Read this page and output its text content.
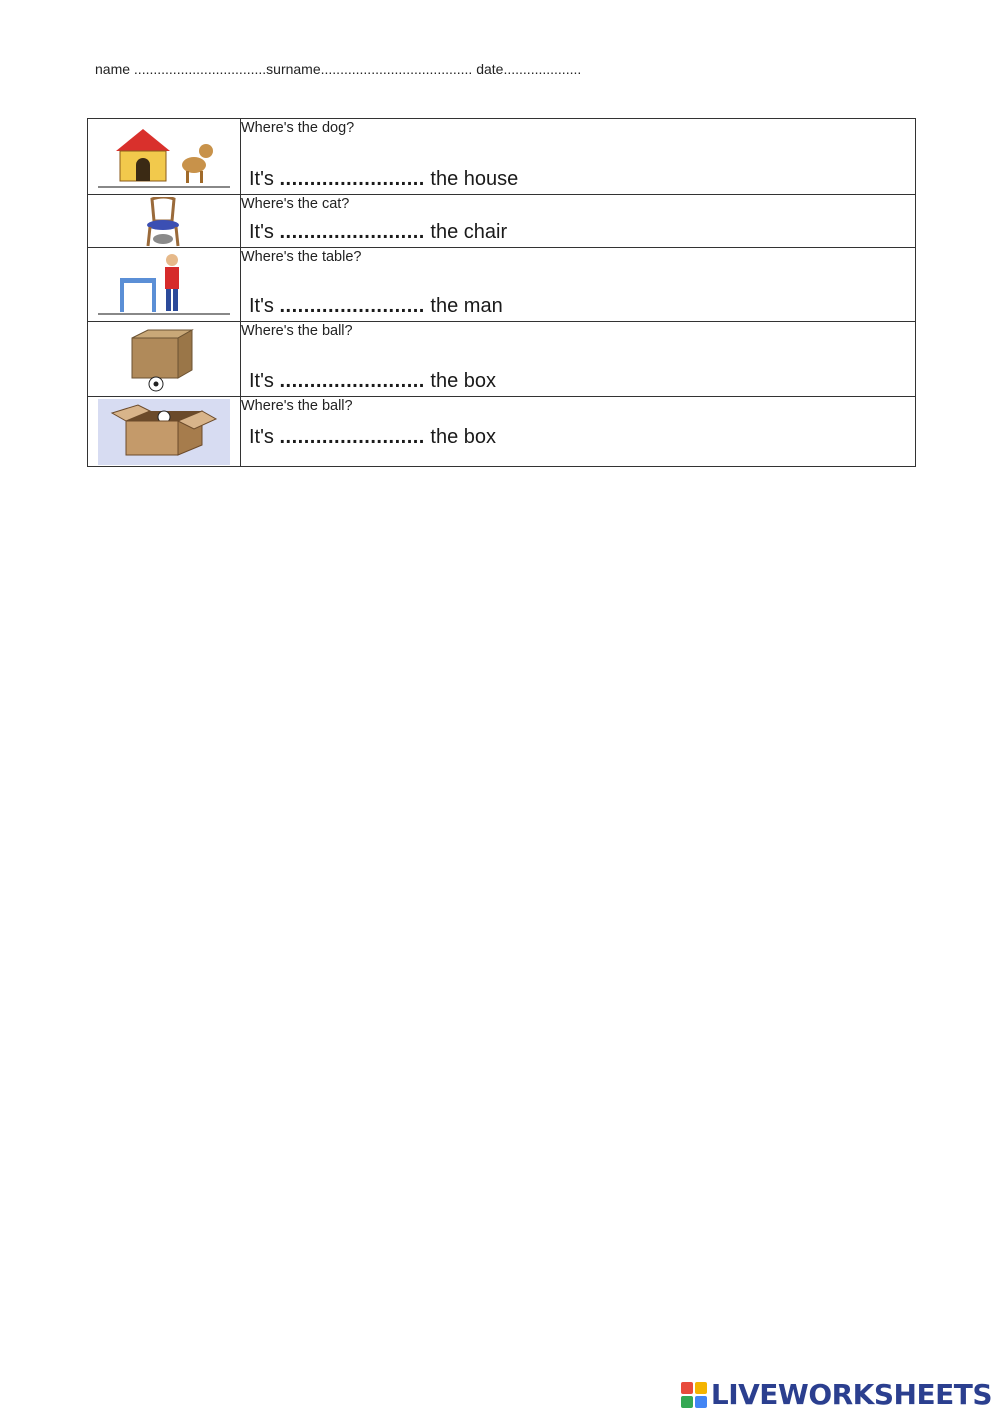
name ..................................surname....................................... date....................

Where's the dog?
It's ........................ the house

Where's the cat?
It's ........................ the chair

Where's the table?
It's ........................ the man

Where's the ball?
It's ........................ the box

Where's the ball?
It's ........................ the box
LIVEWORKSHEETS
